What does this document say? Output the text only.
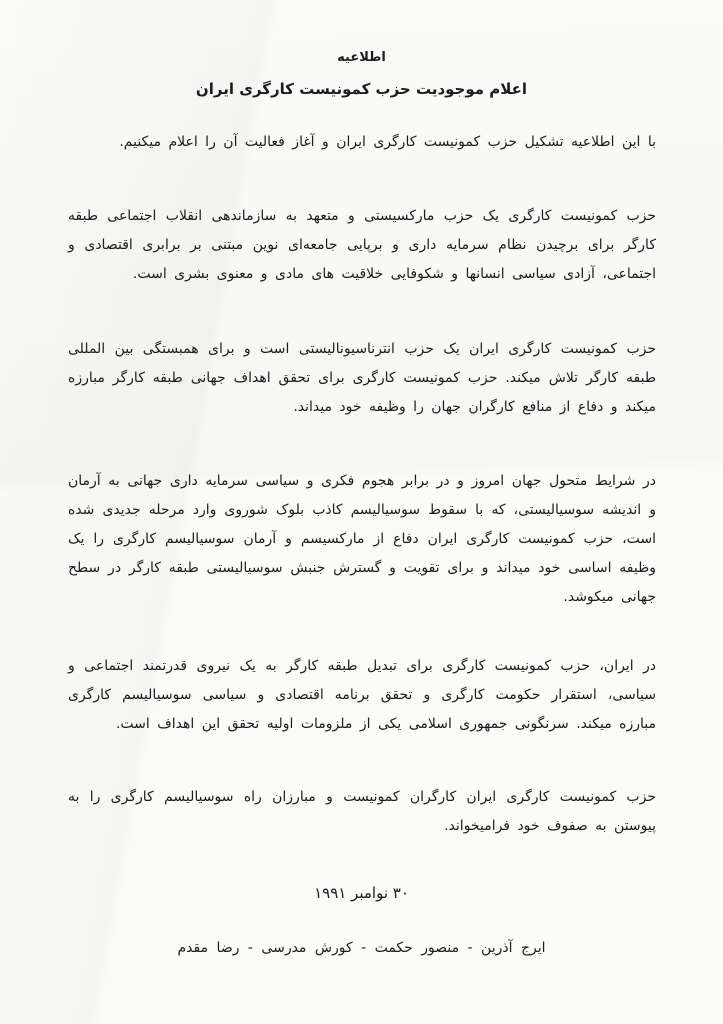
اطلاعیه
اعلام موجودیت حزب کمونیست کارگری ایران
با این اطلاعیه تشکیل حزب کمونیست کارگری ایران و آغاز فعالیت آن را اعلام میکنیم.
حزب کمونیست کارگری یک حزب مارکسیستی و متعهد به سازماندهی انقلاب اجتماعی طبقه کارگر برای برچیدن نظام سرمایه داری و برپایی جامعه‌ای نوین مبتنی بر برابری اقتصادی و اجتماعی، آزادی سیاسی انسانها و شکوفایی خلاقیت های مادی و معنوی بشری است.
حزب کمونیست کارگری ایران یک حزب انترناسیونالیستی است و برای همبستگی بین المللی طبقه کارگر تلاش میکند. حزب کمونیست کارگری برای تحقق اهداف جهانی طبقه کارگر مبارزه میکند و دفاع از منافع کارگران جهان را وظیفه خود میداند.
در شرایط متحول جهان امروز و در برابر هجوم فکری و سیاسی سرمایه داری جهانی به آرمان و اندیشه سوسیالیستی، که با سقوط سوسیالیسم کاذب بلوک شوروی وارد مرحله جدیدی شده است، حزب کمونیست کارگری ایران دفاع از مارکسیسم و آرمان سوسیالیسم کارگری را یک وظیفه اساسی خود میداند و برای تقویت و گسترش جنبش سوسیالیستی طبقه کارگر در سطح جهانی میکوشد.
در ایران، حزب کمونیست کارگری برای تبدیل طبقه کارگر به یک نیروی قدرتمند اجتماعی و سیاسی، استقرار حکومت کارگری و تحقق برنامه اقتصادی و سیاسی سوسیالیسم کارگری مبارزه میکند. سرنگونی جمهوری اسلامی یکی از ملزومات اولیه تحقق این اهداف است.
حزب کمونیست کارگری ایران کارگران کمونیست و مبارزان راه سوسیالیسم کارگری را به پیوستن به صفوف خود فرامیخواند.
۳۰ نوامبر ۱۹۹۱
ایرج آذرین - منصور حکمت - کورش مدرسی - رضا مقدم
